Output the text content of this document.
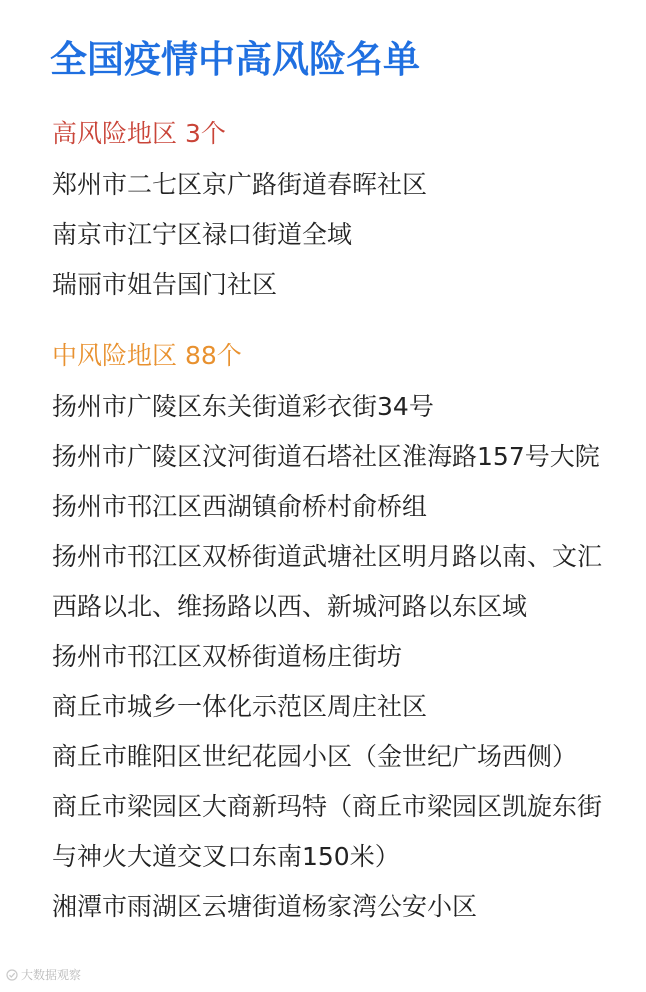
全国疫情中高风险名单
高风险地区 3个
郑州市二七区京广路街道春晖社区
南京市江宁区禄口街道全域
瑞丽市姐告国门社区
中风险地区 88个
扬州市广陵区东关街道彩衣街34号
扬州市广陵区汶河街道石塔社区淮海路157号大院
扬州市邗江区西湖镇俞桥村俞桥组
扬州市邗江区双桥街道武塘社区明月路以南、文汇西路以北、维扬路以西、新城河路以东区域
扬州市邗江区双桥街道杨庄街坊
商丘市城乡一体化示范区周庄社区
商丘市睢阳区世纪花园小区（金世纪广场西侧）
商丘市梁园区大商新玛特（商丘市梁园区凯旋东街与神火大道交叉口东南150米）
湘潭市雨湖区云塘街道杨家湾公安小区
大数据观察
